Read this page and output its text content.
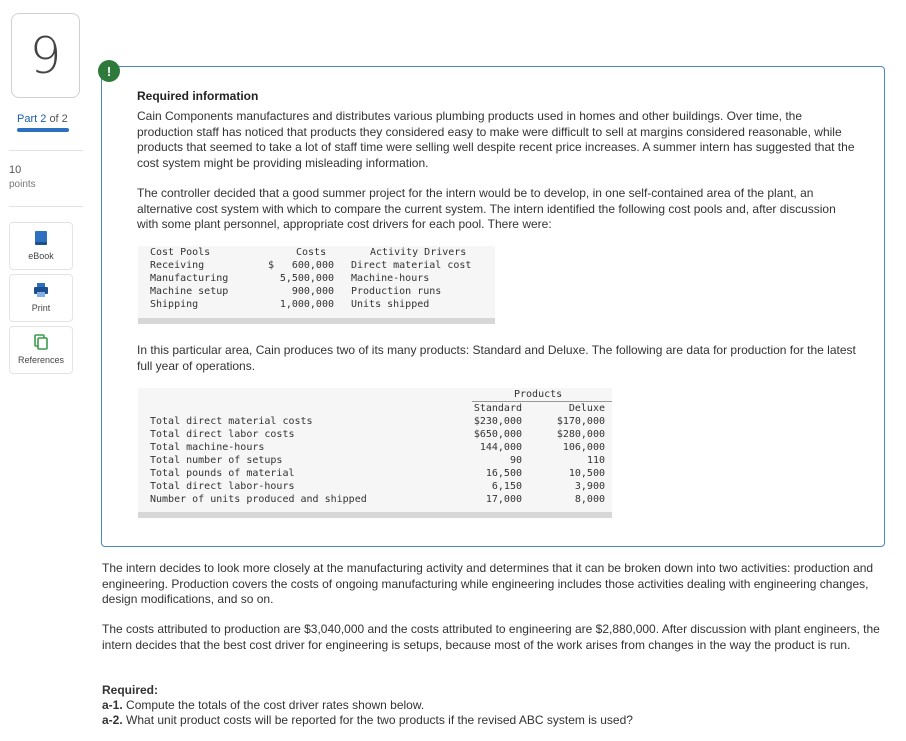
9
Part 2 of 2
10
points
eBook
Print
References
!
Required information

Cain Components manufactures and distributes various plumbing products used in homes and other buildings. Over time, the production staff has noticed that products they considered easy to make were difficult to sell at margins considered reasonable, while products that seemed to take a lot of staff time were selling well despite recent price increases. A summer intern has suggested that the cost system might be providing misleading information.

The controller decided that a good summer project for the intern would be to develop, in one self-contained area of the plant, an alternative cost system with which to compare the current system. The intern identified the following cost pools and, after discussion with some plant personnel, appropriate cost drivers for each pool. There were:

Cost Pools	Costs	Activity Drivers
Receiving	$	600,000 Direct material cost
Manufacturing	5,500,000 Machine-hours
Machine setup	900,000 Production runs
Shipping	1,000,000 Units shipped

In this particular area, Cain produces two of its many products: Standard and Deluxe. The following are data for production for the latest full year of operations.

Products
Standard	Deluxe
Total direct material costs	$230,000	$170,000
Total direct labor costs	$650,000	$280,000
Total machine-hours	144,000	106,000
Total number of setups	90	110
Total pounds of material	16,500	10,500
Total direct labor-hours	6,150	3,900
Number of units produced and shipped	17,000	8,000

The intern decides to look more closely at the manufacturing activity and determines that it can be broken down into two activities: production and engineering. Production covers the costs of ongoing manufacturing while engineering includes those activities dealing with engineering changes, design modifications, and so on.

The costs attributed to production are $3,040,000 and the costs attributed to engineering are $2,880,000. After discussion with plant engineers, the intern decides that the best cost driver for engineering is setups, because most of the work arises from changes in the way the product is run.

Required:
a-1. Compute the totals of the cost driver rates shown below.
a-2. What unit product costs will be reported for the two products if the revised ABC system is used?
